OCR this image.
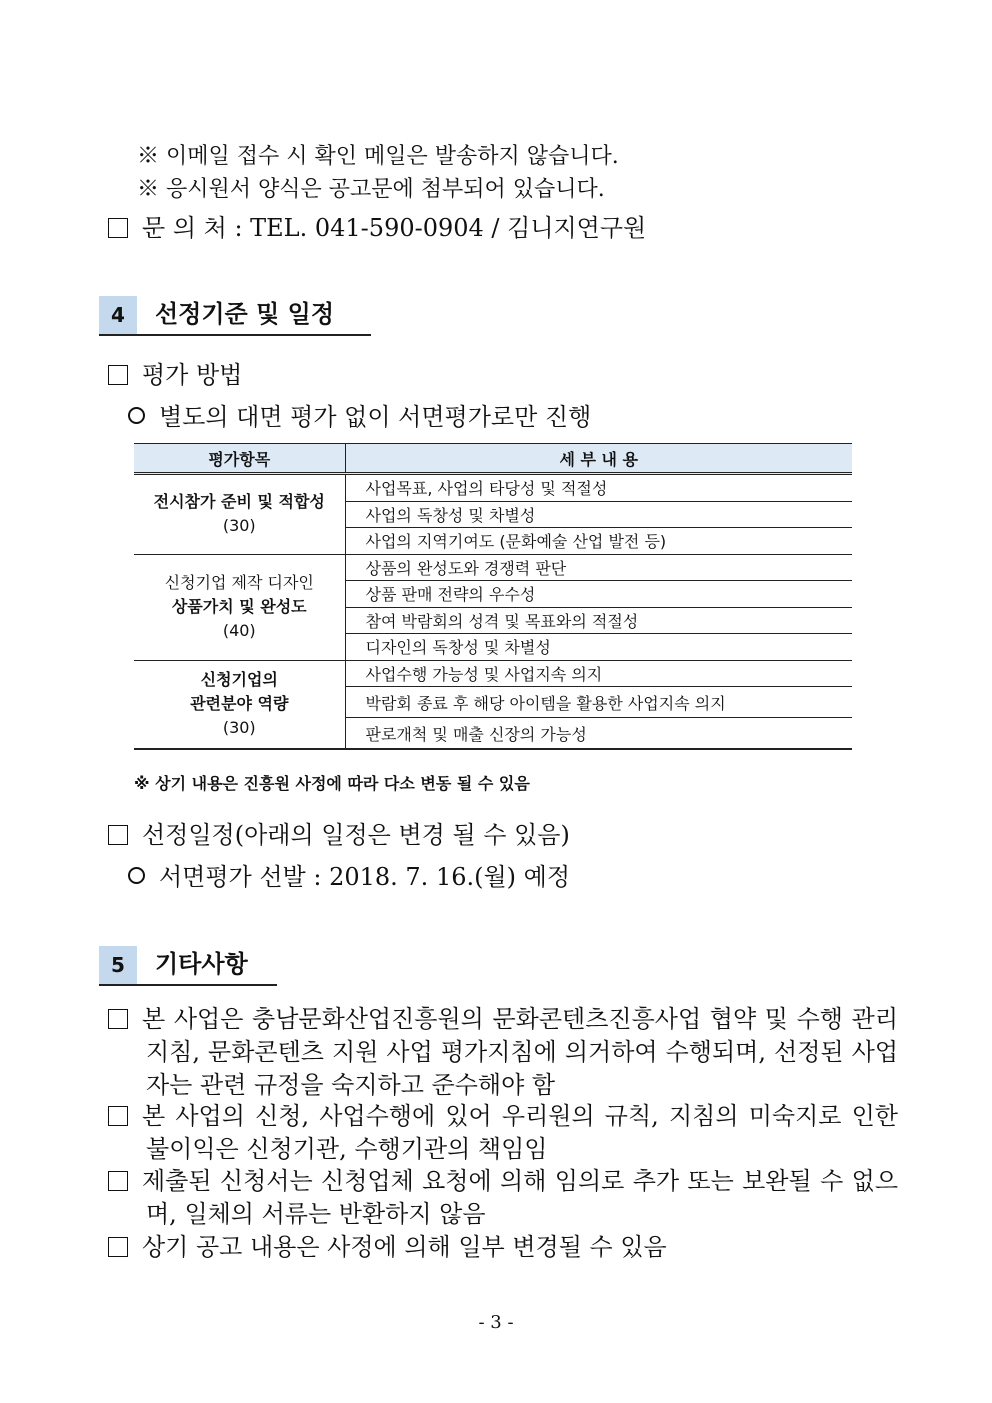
※ 이메일 접수 시 확인 메일은 발송하지 않습니다.
※ 응시원서 양식은 공고문에 첨부되어 있습니다.
문 의 처 : TEL. 041-590-0904 / 김니지연구원
4	선정기준 및 일정
평가 방법
별도의 대면 평가 없이 서면평가로만 진행
평가항목	세 부 내 용
전시참가 준비 및 적합성
(30)	사업목표, 사업의 타당성 및 적절성
	사업의 독창성 및 차별성
	사업의 지역기여도 (문화예술 산업 발전 등)

신청기업 제작 디자인
상품가치 및 완성도
(40)	상품의 완성도와 경쟁력 판단
	상품 판매 전략의 우수성
	참여 박람회의 성격 및 목표와의 적절성
	디자인의 독창성 및 차별성

신청기업의
관련분야 역량
(30)	사업수행 가능성 및 사업지속 의지
	박람회 종료 후 해당 아이템을 활용한 사업지속 의지
	판로개척 및 매출 신장의 가능성
※ 상기 내용은 진흥원 사정에 따라 다소 변동 될 수 있음
선정일정(아래의 일정은 변경 될 수 있음)
서면평가 선발 : 2018. 7. 16.(월) 예정
5	기타사항
본 사업은 충남문화산업진흥원의 문화콘텐츠진흥사업 협약 및 수행 관리지침, 문화콘텐츠 지원 사업 평가지침에 의거하여 수행되며, 선정된 사업자는 관련 규정을 숙지하고 준수해야 함
본 사업의 신청, 사업수행에 있어 우리원의 규칙, 지침의 미숙지로 인한 불이익은 신청기관, 수행기관의 책임임
제출된 신청서는 신청업체 요청에 의해 임의로 추가 또는 보완될 수 없으며, 일체의 서류는 반환하지 않음
상기 공고 내용은 사정에 의해 일부 변경될 수 있음
- 3 -
